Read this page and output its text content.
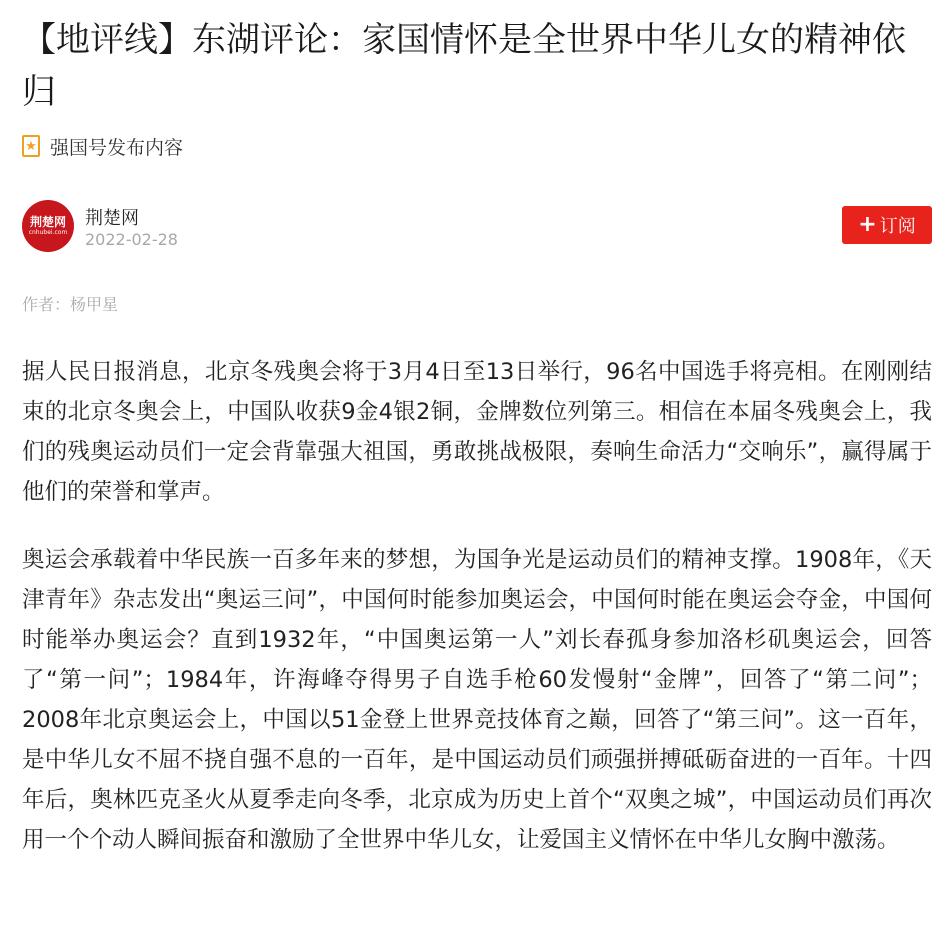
【地评线】东湖评论：家国情怀是全世界中华儿女的精神依归
★ 强国号发布内容
荆楚网
cnhubei.com
荆楚网
2022-02-28
+ 订阅
作者：杨甲星

据人民日报消息，北京冬残奥会将于3月4日至13日举行，96名中国选手将亮相。在刚刚结束的北京冬奥会上，中国队收获9金4银2铜，金牌数位列第三。相信在本届冬残奥会上，我们的残奥运动员们一定会背靠强大祖国，勇敢挑战极限，奏响生命活力“交响乐”，赢得属于他们的荣誉和掌声。

奥运会承载着中华民族一百多年来的梦想，为国争光是运动员们的精神支撑。1908年，《天津青年》杂志发出“奥运三问”，中国何时能参加奥运会，中国何时能在奥运会夺金，中国何时能举办奥运会？直到1932年，“中国奥运第一人”刘长春孤身参加洛杉矶奥运会，回答了“第一问”；1984年，许海峰夺得男子自选手枪60发慢射“金牌”，回答了“第二问”；2008年北京奥运会上，中国以51金登上世界竞技体育之巅，回答了“第三问”。这一百年，是中华儿女不屈不挠自强不息的一百年，是中国运动员们顽强拼搏砥砺奋进的一百年。十四年后，奥林匹克圣火从夏季走向冬季，北京成为历史上首个“双奥之城”，中国运动员们再次用一个个动人瞬间振奋和激励了全世界中华儿女，让爱国主义情怀在中华儿女胸中激荡。
